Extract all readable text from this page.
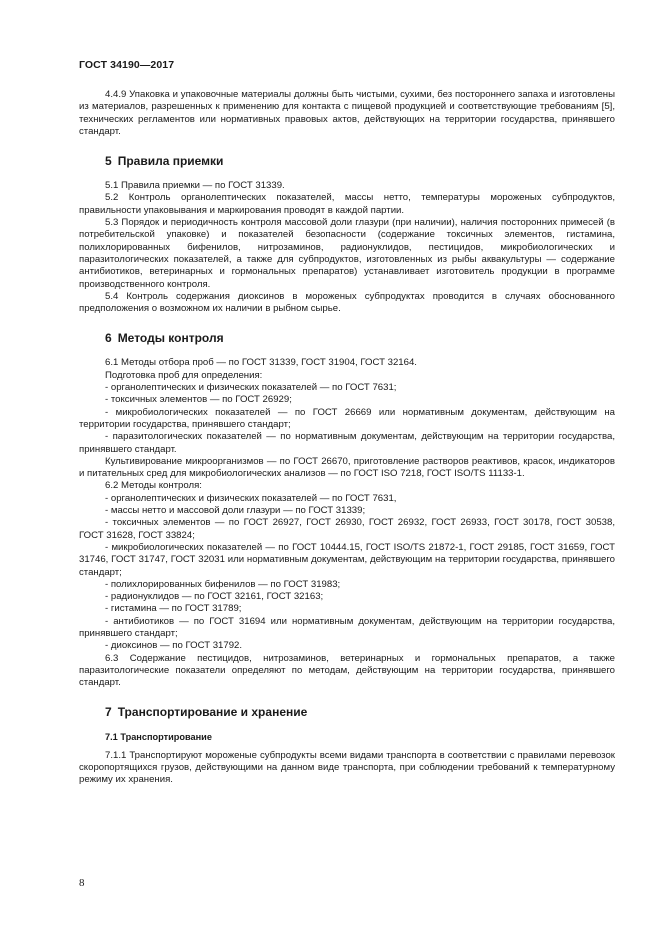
ГОСТ 34190—2017

4.4.9 Упаковка и упаковочные материалы должны быть чистыми, сухими, без постороннего запаха и изготовлены из материалов, разрешенных к применению для контакта с пищевой продукцией и соответствующие требованиям [5], технических регламентов или нормативных правовых актов, действующих на территории государства, принявшего стандарт.

5 Правила приемки

5.1 Правила приемки — по ГОСТ 31339.

5.2 Контроль органолептических показателей, массы нетто, температуры мороженых субпродуктов, правильности упаковывания и маркирования проводят в каждой партии.

5.3 Порядок и периодичность контроля массовой доли глазури (при наличии), наличия посторонних примесей (в потребительской упаковке) и показателей безопасности (содержание токсичных элементов, гистамина, полихлорированных бифенилов, нитрозаминов, радионуклидов, пестицидов, микробиологических и паразитологических показателей, а также для субпродуктов, изготовленных из рыбы аквакультуры — содержание антибиотиков, ветеринарных и гормональных препаратов) устанавливает изготовитель продукции в программе производственного контроля.

5.4 Контроль содержания диоксинов в мороженых субпродуктах проводится в случаях обоснованного предположения о возможном их наличии в рыбном сырье.

6 Методы контроля

6.1 Методы отбора проб — по ГОСТ 31339, ГОСТ 31904, ГОСТ 32164.

Подготовка проб для определения:

- органолептических и физических показателей — по ГОСТ 7631;

- токсичных элементов — по ГОСТ 26929;

- микробиологических показателей — по ГОСТ 26669 или нормативным документам, действующим на территории государства, принявшего стандарт;

- паразитологических показателей — по нормативным документам, действующим на территории государства, принявшего стандарт.

Культивирование микроорганизмов — по ГОСТ 26670, приготовление растворов реактивов, красок, индикаторов и питательных сред для микробиологических анализов — по ГОСТ ISO 7218, ГОСТ ISO/TS 11133-1.

6.2 Методы контроля:

- органолептических и физических показателей — по ГОСТ 7631,

- массы нетто и массовой доли глазури — по ГОСТ 31339;

- токсичных элементов — по ГОСТ 26927, ГОСТ 26930, ГОСТ 26932, ГОСТ 26933, ГОСТ 30178, ГОСТ 30538, ГОСТ 31628, ГОСТ 33824;

- микробиологических показателей — по ГОСТ 10444.15, ГОСТ ISO/TS 21872-1, ГОСТ 29185, ГОСТ 31659, ГОСТ 31746, ГОСТ 31747, ГОСТ 32031 или нормативным документам, действующим на территории государства, принявшего стандарт;

- полихлорированных бифенилов — по ГОСТ 31983;

- радионуклидов — по ГОСТ 32161, ГОСТ 32163;

- гистамина — по ГОСТ 31789;

- антибиотиков — по ГОСТ 31694 или нормативным документам, действующим на территории государства, принявшего стандарт;

- диоксинов — по ГОСТ 31792.

6.3 Содержание пестицидов, нитрозаминов, ветеринарных и гормональных препаратов, а также паразитологические показатели определяют по методам, действующим на территории государства, принявшего стандарт.

7 Транспортирование и хранение

7.1 Транспортирование

7.1.1 Транспортируют мороженые субпродукты всеми видами транспорта в соответствии с правилами перевозок скоропортящихся грузов, действующими на данном виде транспорта, при соблюдении требований к температурному режиму их хранения.

8
